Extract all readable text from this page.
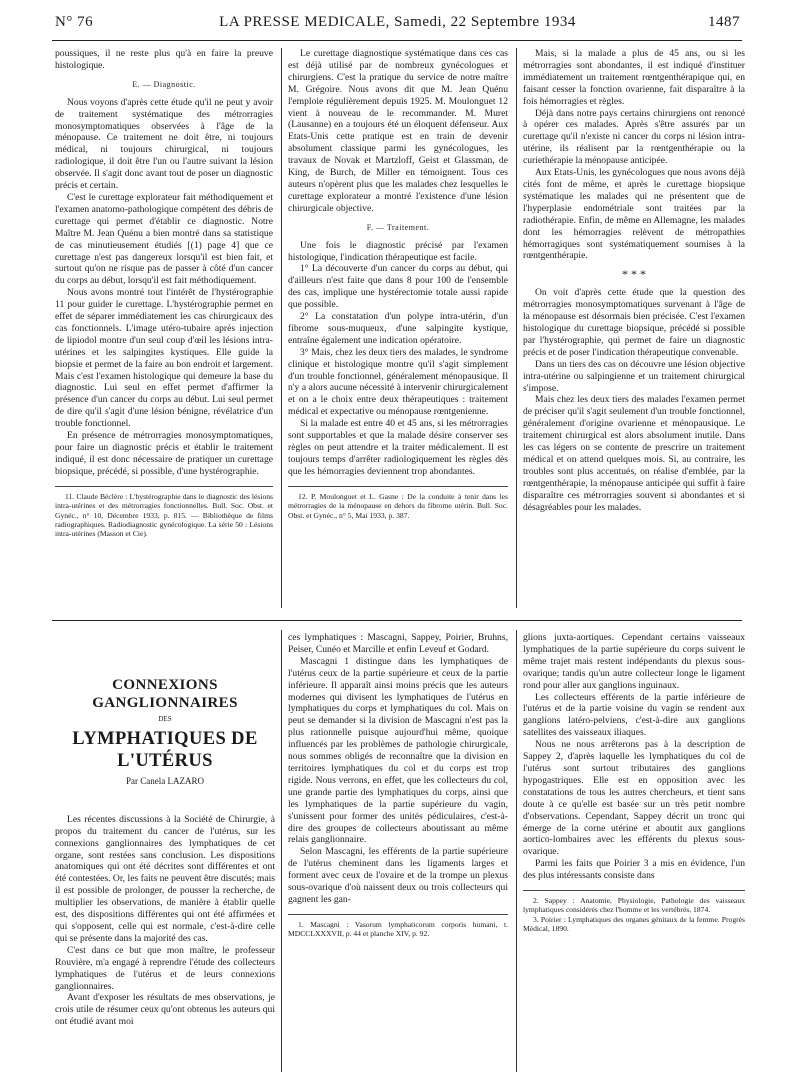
N° 76	LA PRESSE MEDICALE, Samedi, 22 Septembre 1934	1487

poussiques, il ne reste plus qu'à en faire la preuve histologique.

E. — Diagnostic.

Nous voyons d'après cette étude qu'il ne peut y avoir de traitement systématique des métrorragies monosymptomatiques observées à l'âge de la ménopause. Ce traitement ne doit être, ni toujours médical, ni toujours chirurgical, ni toujours radiologique, il doit être l'un ou l'autre suivant la lésion observée. Il s'agit donc avant tout de poser un diagnostic précis et certain.

C'est le curettage explorateur fait méthodiquement et l'examen anatomo-pathologique compétent des débris de curettage qui permet d'établir ce diagnostic. Notre Maître M. Jean Quénu a bien montré dans sa statistique de cas minutieusement étudiés [(1) page 4] que ce curettage n'est pas dangereux lorsqu'il est bien fait, et surtout qu'on ne risque pas de passer à côté d'un cancer du corps au début, lorsqu'il est fait méthodiquement.

Nous avons montré tout l'intérêt de l'hystérographie 11 pour guider le curettage. L'hystérographie permet en effet de séparer immédiatement les cas chirurgicaux des cas fonctionnels. L'image utéro-tubaire après injection de lipiodol montre d'un seul coup d'œil les lésions intra-utérines et les salpingites kystiques. Elle guide la biopsie et permet de la faire au bon endroit et largement. Mais c'est l'examen histologique qui demeure la base du diagnostic. Lui seul en effet permet d'affirmer la présence d'un cancer du corps au début. Lui seul permet de dire qu'il s'agit d'une lésion bénigne, révélatrice d'un trouble fonctionnel.

En présence de métrorragies monosymptomatiques, pour faire un diagnostic précis et établir le traitement indiqué, il est donc nécessaire de pratiquer un curettage biopsique, précédé, si possible, d'une hystérographie.

11. Claude Béclère : L'hystérographie dans le diagnostic des lésions intra-utérines et des métrorragies fonctionnelles. Bull. Soc. Obst. et Gynéc., n° 10, Décembre 1933, p. 815. — Bibliothèque de films radiographiques. Radiodiagnostic gynécologique. La série 50 : Lésions intra-utérines (Masson et Cie).

Le curettage diagnostique systématique dans ces cas est déjà utilisé par de nombreux gynécologues et chirurgiens. C'est la pratique du service de notre maître M. Grégoire. Nous avons dit que M. Jean Quénu l'emploie régulièrement depuis 1925. M. Moulonguet 12 vient à nouveau de le recommander. M. Muret (Lausanne) en a toujours été un éloquent défenseur. Aux Etats-Unis cette pratique est en train de devenir absolument classique parmi les gynécologues, les travaux de Novak et Martzloff, Geist et Glassman, de King, de Burch, de Miller en témoignent. Tous ces auteurs n'opèrent plus que les malades chez lesquelles le curettage explorateur a montré l'existence d'une lésion chirurgicale objective.

F. — Traitement.

Une fois le diagnostic précisé par l'examen histologique, l'indication thérapeutique est facile.

1° La découverte d'un cancer du corps au début, qui d'ailleurs n'est faite que dans 8 pour 100 de l'ensemble des cas, implique une hystérectomie totale aussi rapide que possible.

2° La constatation d'un polype intra-utérin, d'un fibrome sous-muqueux, d'une salpingite kystique, entraîne également une indication opératoire.

3° Mais, chez les deux tiers des malades, le syndrome clinique et histologique montre qu'il s'agit simplement d'un trouble fonctionnel, généralement ménopausique. Il n'y a alors aucune nécessité à intervenir chirurgicalement et on a le choix entre deux thérapeutiques : traitement médical et expectative ou ménopause rœntgenienne.

Si la malade est entre 40 et 45 ans, si les métrorragies sont supportables et que la malade désire conserver ses règles on peut attendre et la traiter médicalement. Il est toujours temps d'arrêter radiologiquement les règles dès que les hémorragies deviennent trop abondantes.

12. P. Moulonguet et L. Gasne : De la conduite à tenir dans les métrorragies de la ménopause en dehors du fibrome utérin. Bull. Soc. Obst. et Gynéc., n° 5, Mai 1933, p. 387.

Mais, si la malade a plus de 45 ans, ou si les métrorragies sont abondantes, il est indiqué d'instituer immédiatement un traitement rœntgenthérapique qui, en faisant cesser la fonction ovarienne, fait disparaître à la fois hémorragies et règles.

Déjà dans notre pays certains chirurgiens ont renoncé à opérer ces malades. Après s'être assurés par un curettage qu'il n'existe ni cancer du corps ni lésion intra-utérine, ils réalisent par la rœntgenthérapie ou la curiethérapie la ménopause anticipée.

Aux Etats-Unis, les gynécologues que nous avons déjà cités font de même, et après le curettage biopsique systématique les malades qui ne présentent que de l'hyperplasie endométriale sont traitées par la radiothérapie. Enfin, de même en Allemagne, les malades dont les hémorragies relèvent de métropathies hémorragiques sont systématiquement soumises à la rœntgenthérapie.

* * *

On voit d'après cette étude que la question des métrorragies monosymptomatiques survenant à l'âge de la ménopause est désormais bien précisée. C'est l'examen histologique du curettage biopsique, précédé si possible par l'hystérographie, qui permet de faire un diagnostic précis et de poser l'indication thérapeutique convenable.

Dans un tiers des cas on découvre une lésion objective intra-utérine ou salpingienne et un traitement chirurgical s'impose.

Mais chez les deux tiers des malades l'examen permet de préciser qu'il s'agit seulement d'un trouble fonctionnel, généralement d'origine ovarienne et ménopausique. Le traitement chirurgical est alors absolument inutile. Dans les cas légers on se contente de prescrire un traitement médical et on attend quelques mois. Si, au contraire, les troubles sont plus accentués, on réalise d'emblée, par la rœntgenthérapie, la ménopause anticipée qui suffit à faire disparaître ces métrorragies souvent si abondantes et si désagréables pour les malades.

CONNEXIONS GANGLIONNAIRES
DES
LYMPHATIQUES DE L'UTÉRUS
Par Canela LAZARO

Les récentes discussions à la Société de Chirurgie, à propos du traitement du cancer de l'utérus, sur les connexions ganglionnaires des lymphatiques de cet organe, sont restées sans conclusion. Les dispositions anatomiques qui ont été décrites sont différentes et ont été contestées. Or, les faits ne peuvent être discutés; mais il est possible de prolonger, de pousser la recherche, de multiplier les observations, de manière à établir quelle est, des dispositions différentes qui ont été affirmées et qui s'opposent, celle qui est normale, c'est-à-dire celle qui se présente dans la majorité des cas.

C'est dans ce but que mon maître, le professeur Rouvière, m'a engagé à reprendre l'étude des collecteurs lymphatiques de l'utérus et de leurs connexions ganglionnaires.

Avant d'exposer les résultats de mes observations, je crois utile de résumer ceux qu'ont obtenus les auteurs qui ont étudié avant moi

ces lymphatiques : Mascagni, Sappey, Poirier, Bruhns, Peiser, Cunéo et Marcille et enfin Leveuf et Godard.

Mascagni 1 distingue dans les lymphatiques de l'utérus ceux de la partie supérieure et ceux de la partie inférieure. Il apparaît ainsi moins précis que les auteurs modernes qui divisent les lymphatiques de l'utérus en lymphatiques du corps et lymphatiques du col. Mais on peut se demander si la division de Mascagni n'est pas la plus rationnelle puisque aujourd'hui même, quoique influencés par les problèmes de pathologie chirurgicale, nous sommes obligés de reconnaître que la division en territoires lymphatiques du col et du corps est trop rigide. Nous verrons, en effet, que les collecteurs du col, une grande partie des lymphatiques du corps, ainsi que les lymphatiques de la partie supérieure du vagin, s'unissent pour former des unités pédiculaires, c'est-à-dire des groupes de collecteurs aboutissant au même relais ganglionnaire.

Selon Mascagni, les efférents de la partie supérieure de l'utérus cheminent dans les ligaments larges et forment avec ceux de l'ovaire et de la trompe un plexus sous-ovarique d'où naissent deux ou trois collecteurs qui gagnent les gan-

1. Mascagni : Vasorum lymphaticorum corporis humani, t. MDCCLXXXVII, p. 44 et planche XIV, p. 92.

glions juxta-aortiques. Cependant certains vaisseaux lymphatiques de la partie supérieure du corps suivent le même trajet mais restent indépendants du plexus sous-ovarique; tandis qu'un autre collecteur longe le ligament rond pour aller aux ganglions inguinaux.

Les collecteurs efférents de la partie inférieure de l'utérus et de la partie voisine du vagin se rendent aux ganglions latéro-pelviens, c'est-à-dire aux ganglions satellites des vaisseaux iliaques.

Nous ne nous arrêterons pas à la description de Sappey 2, d'après laquelle les lymphatiques du col de l'utérus sont surtout tributaires des ganglions hypogastriques. Elle est en opposition avec les constatations de tous les autres chercheurs, et tient sans doute à ce qu'elle est basée sur un très petit nombre d'observations. Cependant, Sappey décrit un tronc qui émerge de la corne utérine et aboutit aux ganglions aortico-lombaires avec les efférents du plexus sous-ovarique.

Parmi les faits que Poirier 3 a mis en évidence, l'un des plus intéressants consiste dans

2. Sappey : Anatomie, Physiologie, Pathologie des vaisseaux lymphatiques considérés chez l'homme et les vertébrés, 1874.

3. Poirier : Lymphatiques des organes génitaux de la femme. Progrès Médical, 1890.
